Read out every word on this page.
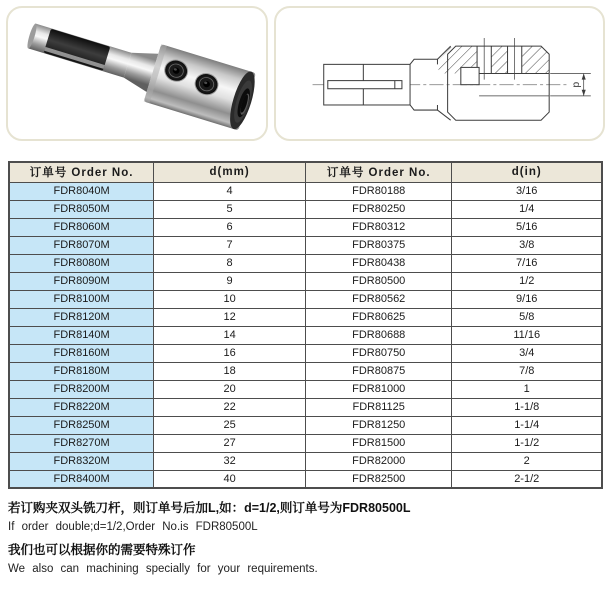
d
订单号 Order No.	d(mm)	订单号 Order No.	d(in)
FDR8040M	4	FDR80188	3/16
FDR8050M	5	FDR80250	1/4
FDR8060M	6	FDR80312	5/16
FDR8070M	7	FDR80375	3/8
FDR8080M	8	FDR80438	7/16
FDR8090M	9	FDR80500	1/2
FDR8100M	10	FDR80562	9/16
FDR8120M	12	FDR80625	5/8
FDR8140M	14	FDR80688	11/16
FDR8160M	16	FDR80750	3/4
FDR8180M	18	FDR80875	7/8
FDR8200M	20	FDR81000	1
FDR8220M	22	FDR81125	1-1/8
FDR8250M	25	FDR81250	1-1/4
FDR8270M	27	FDR81500	1-1/2
FDR8320M	32	FDR82000	2
FDR8400M	40	FDR82500	2-1/2

若订购夹双头铣刀杆，则订单号后加L,如：d=1/2,则订单号为FDR80500L

If order double;d=1/2,Order No.is FDR80500L

我们也可以根据你的需要特殊订作

We also can machining specially for your requirements.
